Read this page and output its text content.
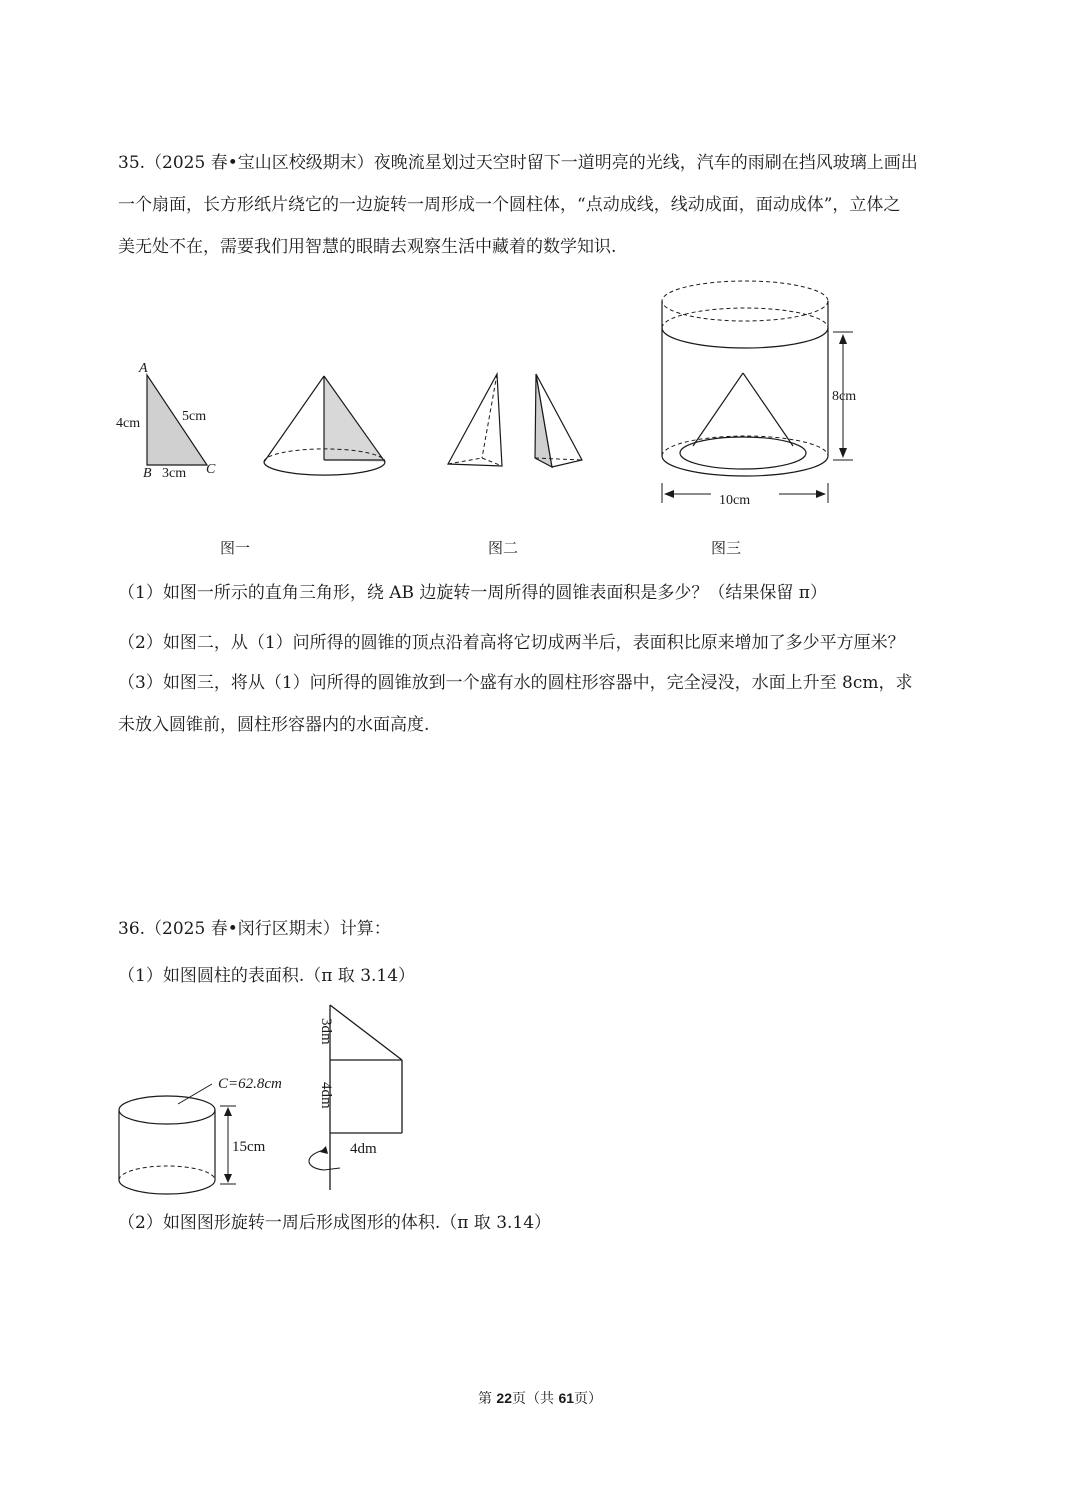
35.（2025 春•宝山区校级期末）夜晚流星划过天空时留下一道明亮的光线，汽车的雨刷在挡风玻璃上画出
一个扇面，长方形纸片绕它的一边旋转一周形成一个圆柱体，“点动成线，线动成面，面动成体”，立体之
美无处不在，需要我们用智慧的眼睛去观察生活中藏着的数学知识.
A
B	C
4cm	5cm
3cm
8cm
10cm
图一	图二	图三
（1）如图一所示的直角三角形，绕 AB 边旋转一周所得的圆锥表面积是多少？（结果保留 π）
（2）如图二，从（1）问所得的圆锥的顶点沿着高将它切成两半后，表面积比原来增加了多少平方厘米？
（3）如图三，将从（1）问所得的圆锥放到一个盛有水的圆柱形容器中，完全浸没，水面上升至 8cm，求
未放入圆锥前，圆柱形容器内的水面高度.
36.（2025 春•闵行区期末）计算：
（1）如图圆柱的表面积.（π 取 3.14）
C=62.8cm
15cm
3dm
4dm
4dm
（2）如图图形旋转一周后形成图形的体积.（π 取 3.14）
第 22页（共 61页）
